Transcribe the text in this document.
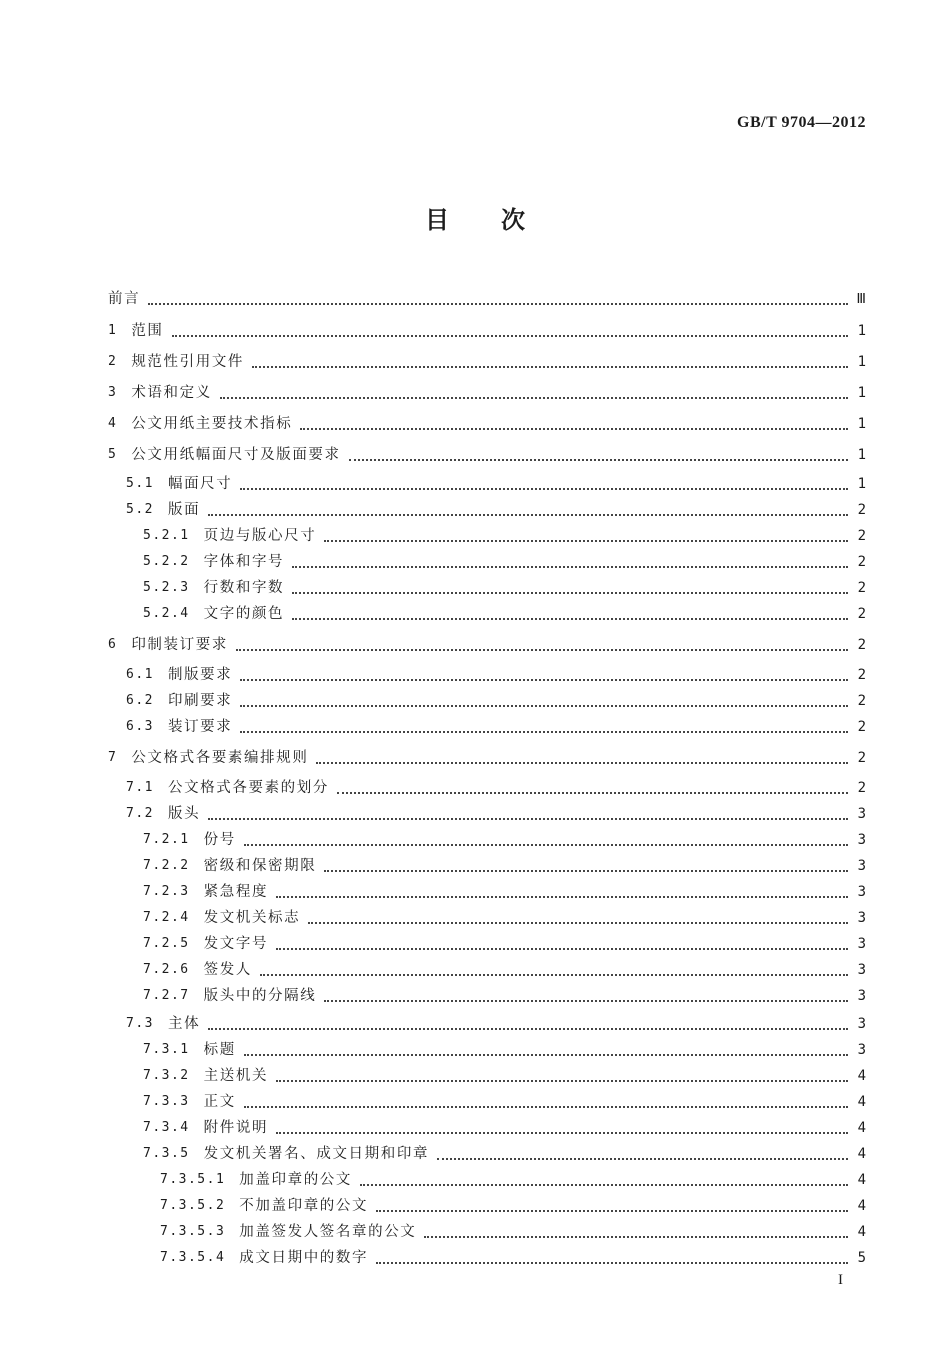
GB/T 9704—2012
目次
前言	Ⅲ
1 范围	1
2 规范性引用文件	1
3 术语和定义	1
4 公文用纸主要技术指标	1
5 公文用纸幅面尺寸及版面要求	1
5.1 幅面尺寸	1
5.2 版面	2
5.2.1 页边与版心尺寸	2
5.2.2 字体和字号	2
5.2.3 行数和字数	2
5.2.4 文字的颜色	2
6 印制装订要求	2
6.1 制版要求	2
6.2 印刷要求	2
6.3 装订要求	2
7 公文格式各要素编排规则	2
7.1 公文格式各要素的划分	2
7.2 版头	3
7.2.1 份号	3
7.2.2 密级和保密期限	3
7.2.3 紧急程度	3
7.2.4 发文机关标志	3
7.2.5 发文字号	3
7.2.6 签发人	3
7.2.7 版头中的分隔线	3
7.3 主体	3
7.3.1 标题	3
7.3.2 主送机关	4
7.3.3 正文	4
7.3.4 附件说明	4
7.3.5 发文机关署名、成文日期和印章	4
7.3.5.1 加盖印章的公文	4
7.3.5.2 不加盖印章的公文	4
7.3.5.3 加盖签发人签名章的公文	4
7.3.5.4 成文日期中的数字	5
I
